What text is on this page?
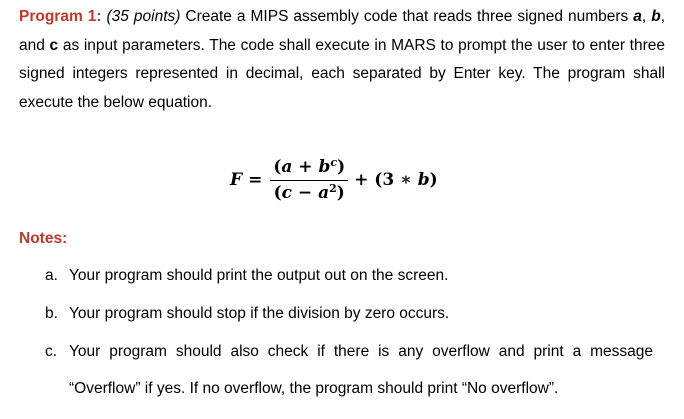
Program 1: (35 points) Create a MIPS assembly code that reads three signed numbers a, b, and c as input parameters. The code shall execute in MARS to prompt the user to enter three signed integers represented in decimal, each separated by Enter key. The program shall execute the below equation.
$F = \frac{(a + b^c)}{(c - a^2)} + (3$ ∗ b)
Notes:
a. Your program should print the output out on the screen.
b. Your program should stop if the division by zero occurs.
c. Your program should also check if there is any overflow and print a message “Overflow” if yes. If no overflow, the program should print “No overflow”.
